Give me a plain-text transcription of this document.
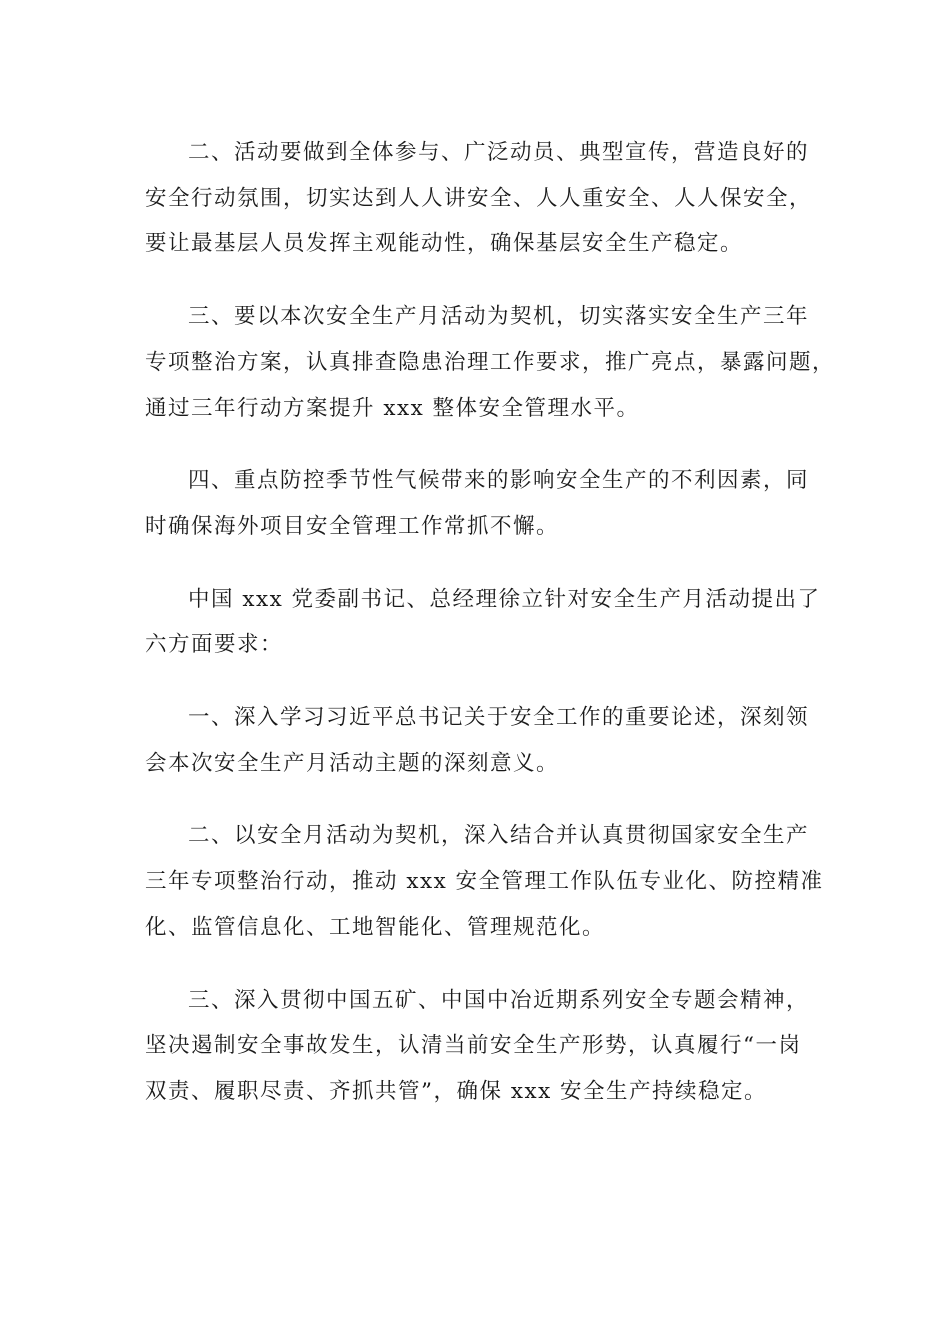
二、活动要做到全体参与、广泛动员、典型宣传，营造良好的
安全行动氛围，切实达到人人讲安全、人人重安全、人人保安全，
要让最基层人员发挥主观能动性，确保基层安全生产稳定。

三、要以本次安全生产月活动为契机，切实落实安全生产三年
专项整治方案，认真排查隐患治理工作要求，推广亮点，暴露问题，
通过三年行动方案提升 xxx 整体安全管理水平。

四、重点防控季节性气候带来的影响安全生产的不利因素，同
时确保海外项目安全管理工作常抓不懈。

中国 xxx 党委副书记、总经理徐立针对安全生产月活动提出了
六方面要求：

一、深入学习习近平总书记关于安全工作的重要论述，深刻领
会本次安全生产月活动主题的深刻意义。

二、以安全月活动为契机，深入结合并认真贯彻国家安全生产
三年专项整治行动，推动 xxx 安全管理工作队伍专业化、防控精准
化、监管信息化、工地智能化、管理规范化。

三、深入贯彻中国五矿、中国中冶近期系列安全专题会精神，
坚决遏制安全事故发生，认清当前安全生产形势，认真履行“一岗
双责、履职尽责、齐抓共管”，确保 xxx 安全生产持续稳定。
